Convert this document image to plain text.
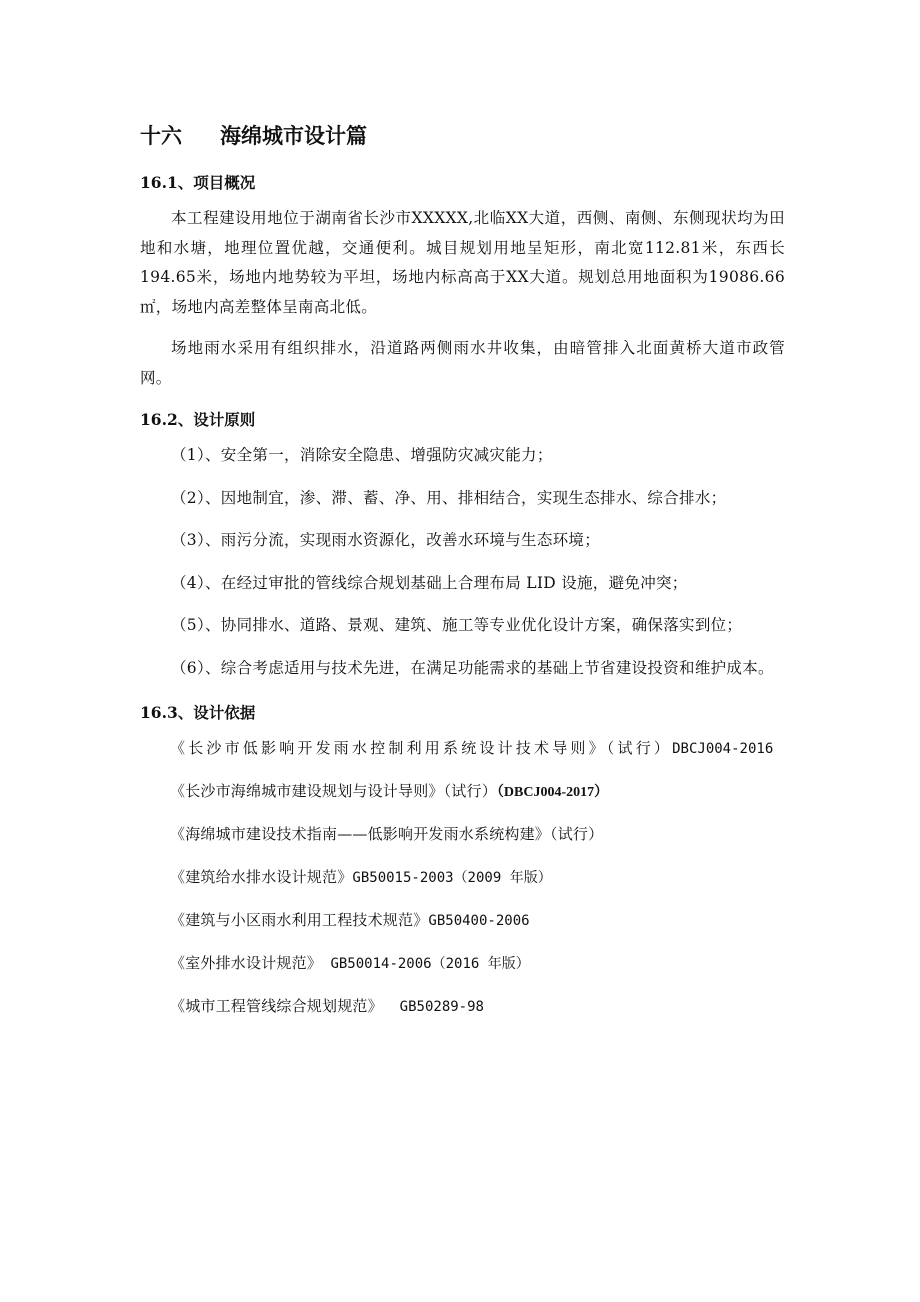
十六 海绵城市设计篇
16.1、项目概况

本工程建设用地位于湖南省长沙市XXXXX,北临XX大道，西侧、南侧、东侧现状均为田地和水塘，地理位置优越，交通便利。城目规划用地呈矩形，南北宽112.81米，东西长194.65米，场地内地势较为平坦，场地内标高高于XX大道。规划总用地面积为19086.66㎡，场地内高差整体呈南高北低。

场地雨水采用有组织排水，沿道路两侧雨水井收集，由暗管排入北面黄桥大道市政管网。

16.2、设计原则

（1）、安全第一，消除安全隐患、增强防灾减灾能力；

（2）、因地制宜，渗、滞、蓄、净、用、排相结合，实现生态排水、综合排水；

（3）、雨污分流，实现雨水资源化，改善水环境与生态环境；

（4）、在经过审批的管线综合规划基础上合理布局 LID 设施，避免冲突；

（5）、协同排水、道路、景观、建筑、施工等专业优化设计方案，确保落实到位；

（6）、综合考虑适用与技术先进，在满足功能需求的基础上节省建设投资和维护成本。

16.3、设计依据

《长沙市低影响开发雨水控制利用系统设计技术导则》（试行）DBCJ004-2016

《长沙市海绵城市建设规划与设计导则》（试行）（DBCJ004-2017）

《海绵城市建设技术指南——低影响开发雨水系统构建》（试行）

《建筑给水排水设计规范》GB50015-2003（2009 年版）

《建筑与小区雨水利用工程技术规范》GB50400-2006

《室外排水设计规范》 GB50014-2006（2016 年版）

《城市工程管线综合规划规范》  GB50289-98
